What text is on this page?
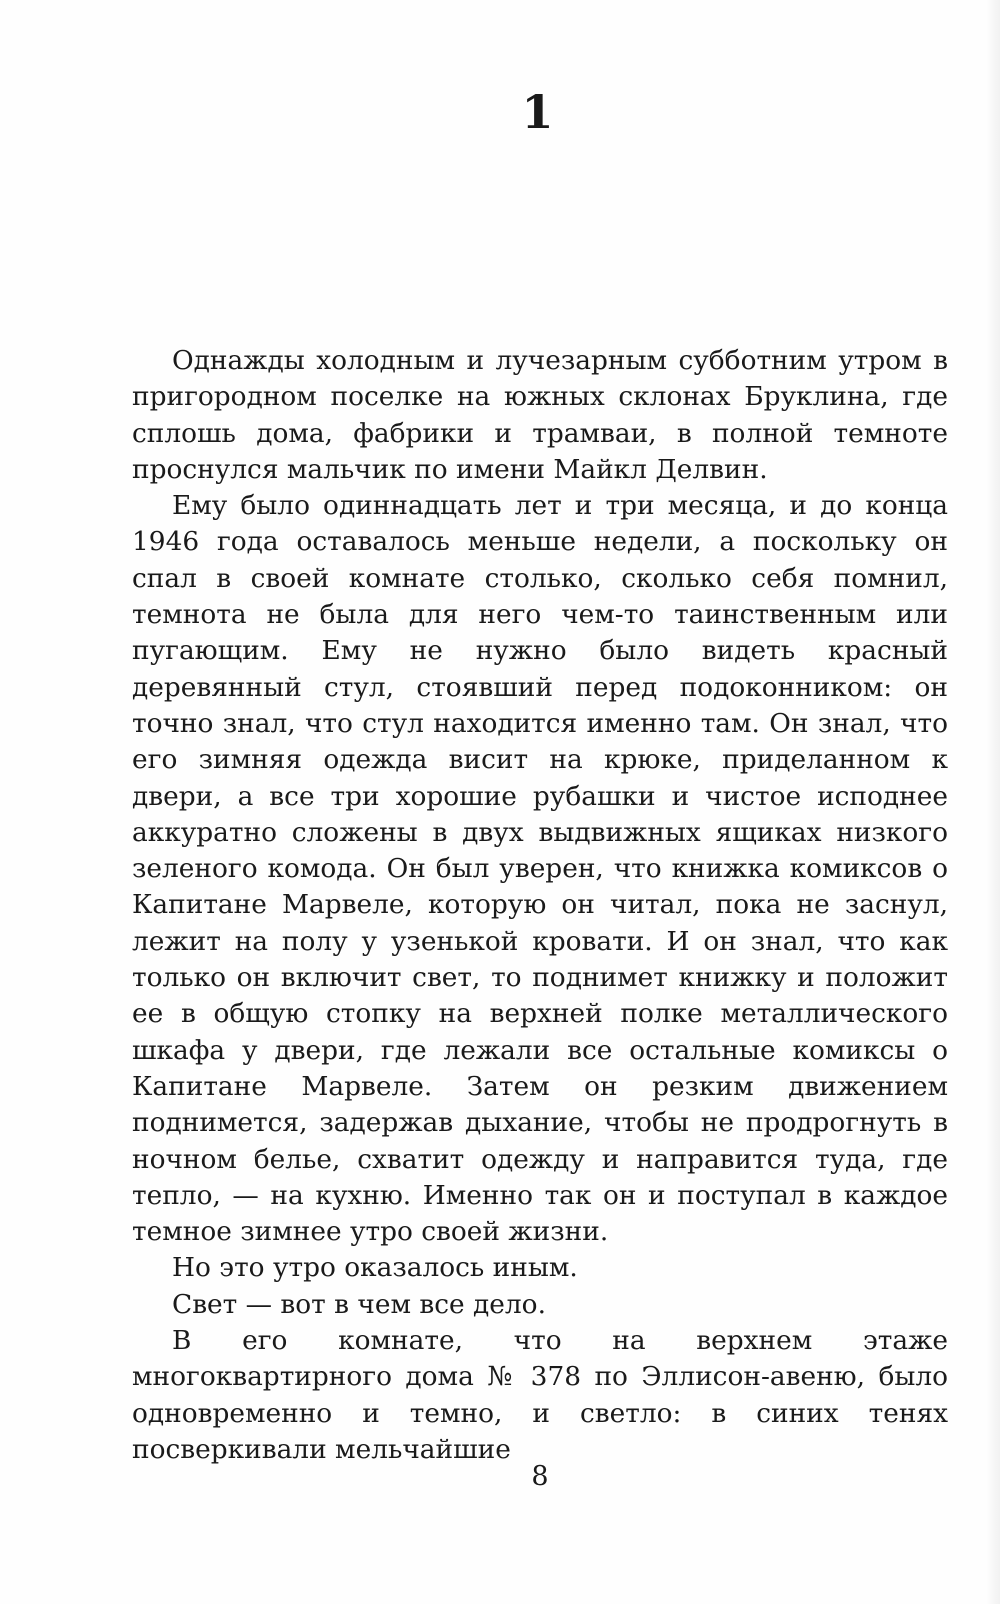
1

Однажды холодным и лучезарным субботним утром в пригородном поселке на южных склонах Бруклина, где сплошь дома, фабрики и трамваи, в полной темноте проснулся мальчик по имени Майкл Делвин.

Ему было одиннадцать лет и три месяца, и до конца 1946 года оставалось меньше недели, а поскольку он спал в своей комнате столько, сколько себя помнил, темнота не была для него чем-то таинственным или пугающим. Ему не нужно было видеть красный деревянный стул, стоявший перед подоконником: он точно знал, что стул находится именно там. Он знал, что его зимняя одежда висит на крюке, приделанном к двери, а все три хорошие рубашки и чистое исподнее аккуратно сложены в двух выдвижных ящиках низкого зеленого комода. Он был уверен, что книжка комиксов о Капитане Марвеле, которую он читал, пока не заснул, лежит на полу у узенькой кровати. И он знал, что как только он включит свет, то поднимет книжку и положит ее в общую стопку на верхней полке металлического шкафа у двери, где лежали все остальные комиксы о Капитане Марвеле. Затем он резким движением поднимется, задержав дыхание, чтобы не продрогнуть в ночном белье, схватит одежду и направится туда, где тепло, — на кухню. Именно так он и поступал в каждое темное зимнее утро своей жизни.

Но это утро оказалось иным.

Свет — вот в чем все дело.

В его комнате, что на верхнем этаже многоквартирного дома № 378 по Эллисон-авеню, было одновременно и темно, и светло: в синих тенях посверкивали мельчайшие

8
